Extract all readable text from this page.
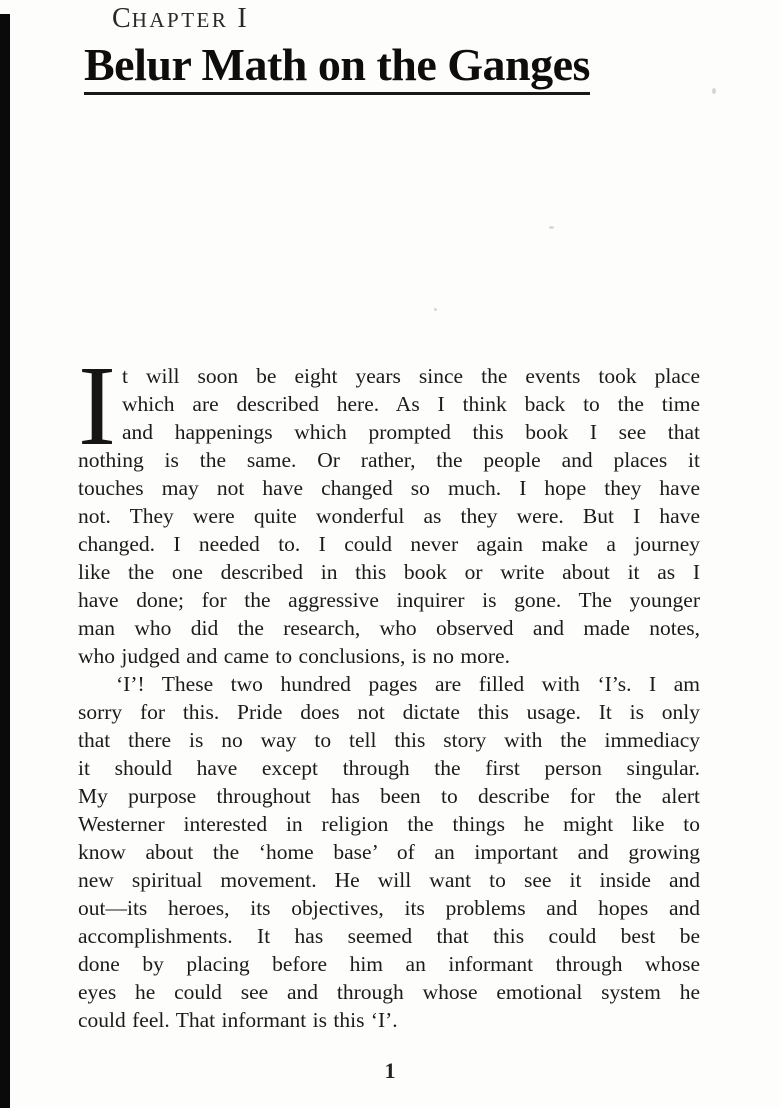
CHAPTER I
Belur Math on the Ganges
I t will soon be eight years since the events took place
which are described here. As I think back to the time
and happenings which prompted this book I see that
nothing is the same. Or rather, the people and places it
touches may not have changed so much. I hope they have
not. They were quite wonderful as they were. But I have
changed. I needed to. I could never again make a journey
like the one described in this book or write about it as I
have done; for the aggressive inquirer is gone. The younger
man who did the research, who observed and made notes,
who judged and came to conclusions, is no more.
‘I’! These two hundred pages are filled with ‘I’s. I am
sorry for this. Pride does not dictate this usage. It is only
that there is no way to tell this story with the immediacy
it should have except through the first person singular.
My purpose throughout has been to describe for the alert
Westerner interested in religion the things he might like to
know about the ‘home base’ of an important and growing
new spiritual movement. He will want to see it inside and
out—its heroes, its objectives, its problems and hopes and
accomplishments. It has seemed that this could best be
done by placing before him an informant through whose
eyes he could see and through whose emotional system he
could feel. That informant is this ‘I’.
1
